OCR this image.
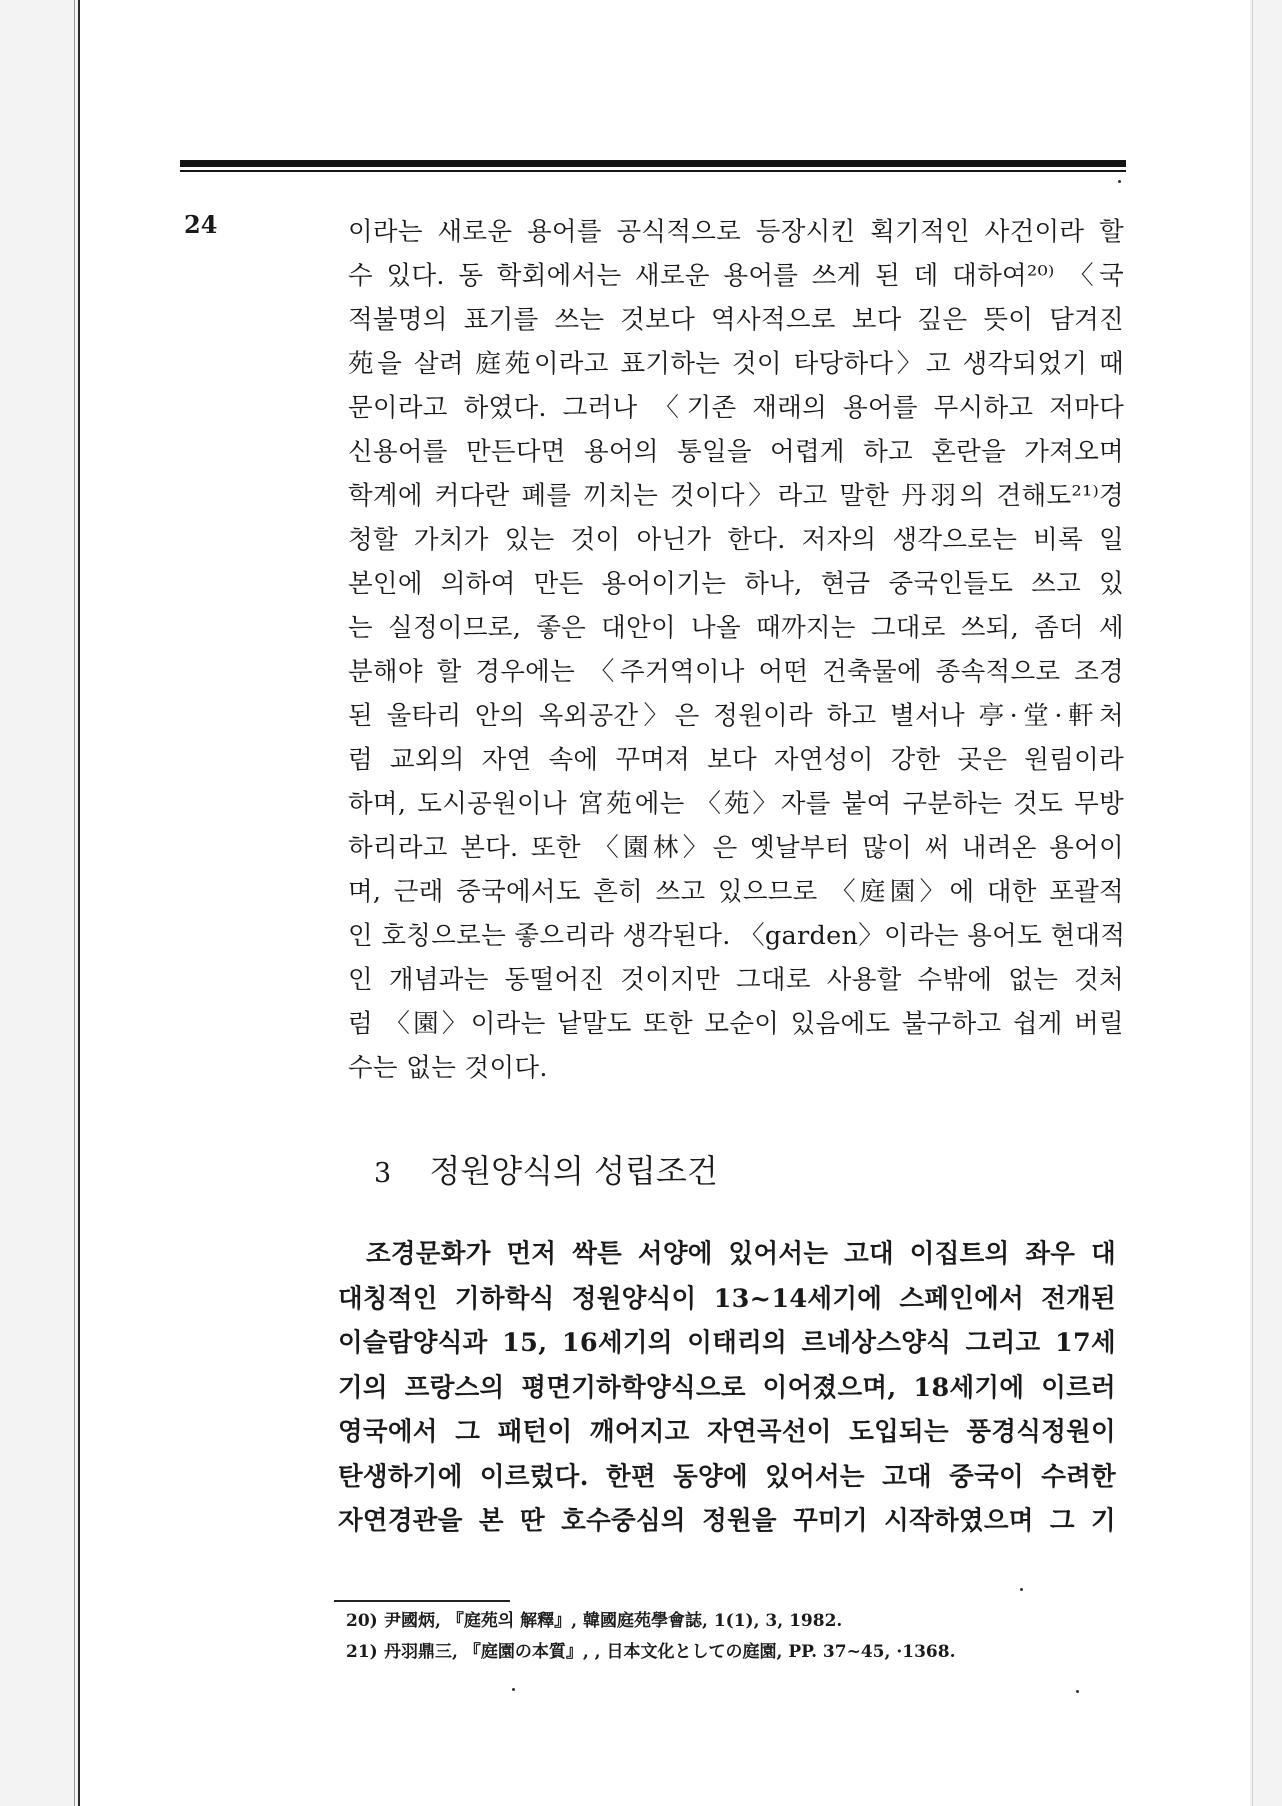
24	이라는 새로운 용어를 공식적으로 등장시킨 획기적인 사건이라 할
수 있다. 동 학회에서는 새로운 용어를 쓰게 된 데 대하여²⁰⁾ 〈국
적불명의 표기를 쓰는 것보다 역사적으로 보다 깊은 뜻이 담겨진
苑을 살려 庭苑이라고 표기하는 것이 타당하다〉고 생각되었기 때
문이라고 하였다. 그러나 〈기존 재래의 용어를 무시하고 저마다
신용어를 만든다면 용어의 통일을 어렵게 하고 혼란을 가져오며
학계에 커다란 폐를 끼치는 것이다〉라고 말한 丹羽의 견해도²¹⁾경
청할 가치가 있는 것이 아닌가 한다. 저자의 생각으로는 비록 일
본인에 의하여 만든 용어이기는 하나, 현금 중국인들도 쓰고 있
는 실정이므로, 좋은 대안이 나올 때까지는 그대로 쓰되, 좀더 세
분해야 할 경우에는 〈주거역이나 어떤 건축물에 종속적으로 조경
된 울타리 안의 옥외공간〉은 정원이라 하고 별서나 亭·堂·軒처
럼 교외의 자연 속에 꾸며져 보다 자연성이 강한 곳은 원림이라
하며, 도시공원이나 宮苑에는 〈苑〉자를 붙여 구분하는 것도 무방
하리라고 본다. 또한 〈園林〉은 옛날부터 많이 써 내려온 용어이
며, 근래 중국에서도 흔히 쓰고 있으므로 〈庭園〉에 대한 포괄적
인 호칭으로는 좋으리라 생각된다. 〈garden〉이라는 용어도 현대적
인 개념과는 동떨어진 것이지만 그대로 사용할 수밖에 없는 것처
럼 〈園〉이라는 낱말도 또한 모순이 있음에도 불구하고 쉽게 버릴
수는 없는 것이다.
3 정원양식의 성립조건
조경문화가 먼저 싹튼 서양에 있어서는 고대 이집트의 좌우 대
대칭적인 기하학식 정원양식이 13~14세기에 스페인에서 전개된
이슬람양식과 15, 16세기의 이태리의 르네상스양식 그리고 17세
기의 프랑스의 평면기하학양식으로 이어졌으며, 18세기에 이르러
영국에서 그 패턴이 깨어지고 자연곡선이 도입되는 풍경식정원이
탄생하기에 이르렀다. 한편 동양에 있어서는 고대 중국이 수려한
자연경관을 본 딴 호수중심의 정원을 꾸미기 시작하였으며 그 기
20) 尹國炳, 『庭苑의 解釋』, 韓國庭苑學會誌, 1(1), 3, 1982.
21) 丹羽鼎三, 『庭園の本質』, , 日本文化としての庭園, PP. 37~45, ·1368.
